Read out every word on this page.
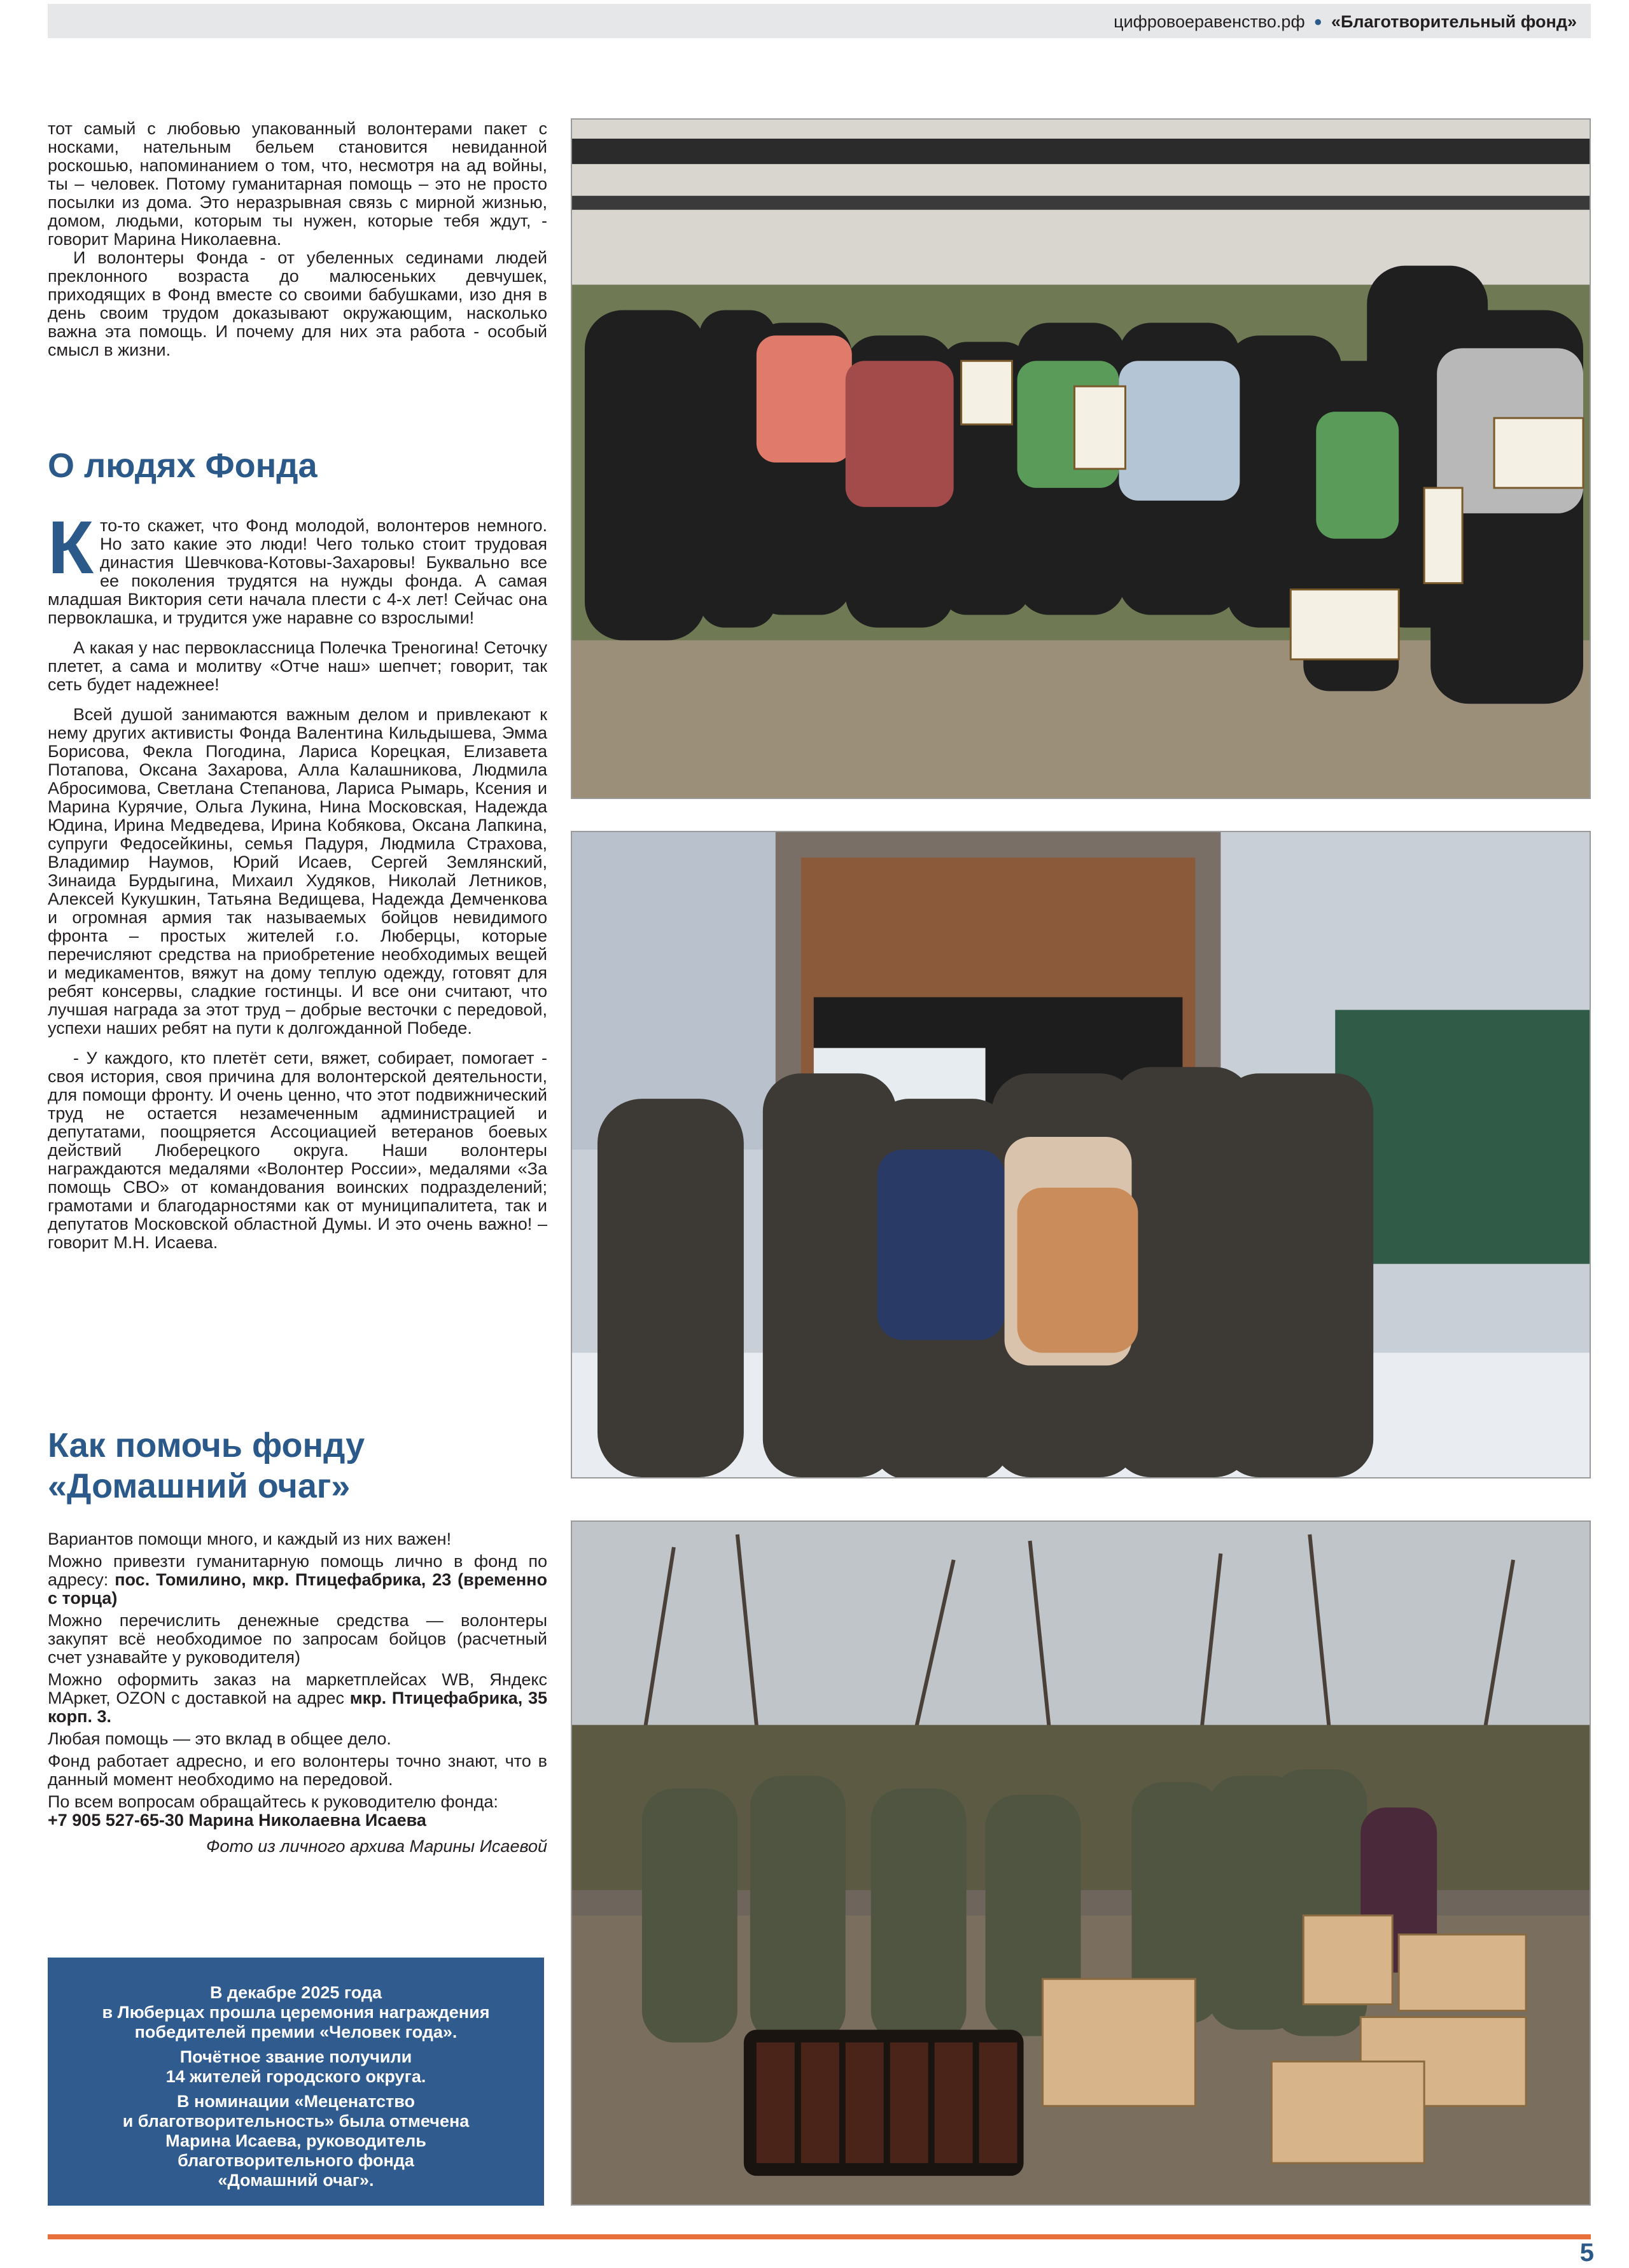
цифровоеравенство.рф ● «Благотворительный фонд»

тот самый с любовью упакованный волонтерами пакет с носками, нательным бельем становится невиданной роскошью, напоминанием о том, что, несмотря на ад войны, ты – человек. Потому гуманитарная помощь – это не просто посылки из дома. Это неразрывная связь с мирной жизнью, домом, людьми, которым ты нужен, которые тебя ждут, - говорит Марина Николаевна.

И волонтеры Фонда - от убеленных сединами людей преклонного возраста до малюсеньких девчушек, приходящих в Фонд вместе со своими бабушками, изо дня в день своим трудом доказывают окружающим, насколько важна эта помощь. И почему для них эта работа - особый смысл в жизни.

О людях Фонда

Кто-то скажет, что Фонд молодой, волонтеров немного. Но зато какие это люди! Чего только стоит трудовая династия Шевчкова-Котовы-Захаровы! Буквально все ее поколения трудятся на нужды фонда. А самая младшая Виктория сети начала плести с 4-х лет! Сейчас она первоклашка, и трудится уже наравне со взрослыми!

А какая у нас первоклассница Полечка Треногина! Сеточку плетет, а сама и молитву «Отче наш» шепчет; говорит, так сеть будет надежнее!

Всей душой занимаются важным делом и привлекают к нему других активисты Фонда Валентина Кильдышева, Эмма Борисова, Фекла Погодина, Лариса Корецкая, Елизавета Потапова, Оксана Захарова, Алла Калашникова, Людмила Абросимова, Светлана Степанова, Лариса Рымарь, Ксения и Марина Курячие, Ольга Лукина, Нина Московская, Надежда Юдина, Ирина Медведева, Ирина Кобякова, Оксана Лапкина, супруги Федосейкины, семья Падуря, Людмила Страхова, Владимир Наумов, Юрий Исаев, Сергей Землянский, Зинаида Бурдыгина, Михаил Худяков, Николай Летников, Алексей Кукушкин, Татьяна Ведищева, Надежда Демченкова и огромная армия так называемых бойцов невидимого фронта – простых жителей г.о. Люберцы, которые перечисляют средства на приобретение необходимых вещей и медикаментов, вяжут на дому теплую одежду, готовят для ребят консервы, сладкие гостинцы. И все они считают, что лучшая награда за этот труд – добрые весточки с передовой, успехи наших ребят на пути к долгожданной Победе.

- У каждого, кто плетёт сети, вяжет, собирает, помогает - своя история, своя причина для волонтерской деятельности, для помощи фронту. И очень ценно, что этот подвижнический труд не остается незамеченным администрацией и депутатами, поощряется Ассоциацией ветеранов боевых действий Люберецкого округа. Наши волонтеры награждаются медалями «Волонтер России», медалями «За помощь СВО» от командования воинских подразделений; грамотами и благодарностями как от муниципалитета, так и депутатов Московской областной Думы. И это очень важно! – говорит М.Н. Исаева.

Как помочь фонду
«Домашний очаг»

Вариантов помощи много, и каждый из них важен!

Можно привезти гуманитарную помощь лично в фонд по адресу: пос. Томилино, мкр. Птицефабрика, 23 (временно с торца)

Можно перечислить денежные средства — волонтеры закупят всё необходимое по запросам бойцов (расчетный счет узнавайте у руководителя)

Можно оформить заказ на маркетплейсах WB, Яндекс МАркет, OZON с доставкой на адрес мкр. Птицефабрика, 35 корп. 3.

Любая помощь — это вклад в общее дело.

Фонд работает адресно, и его волонтеры точно знают, что в данный момент необходимо на передовой.

По всем вопросам обращайтесь к руководителю фонда:

+7 905 527-65-30 Марина Николаевна Исаева

Фото из личного архива Марины Исаевой

В декабре 2025 года
в Люберцах прошла церемония награждения
победителей премии «Человек года».
Почётное звание получили
14 жителей городского округа.
В номинации «Меценатство
и благотворительность» была отмечена
Марина Исаева, руководитель
благотворительного фонда
«Домашний очаг».
5
